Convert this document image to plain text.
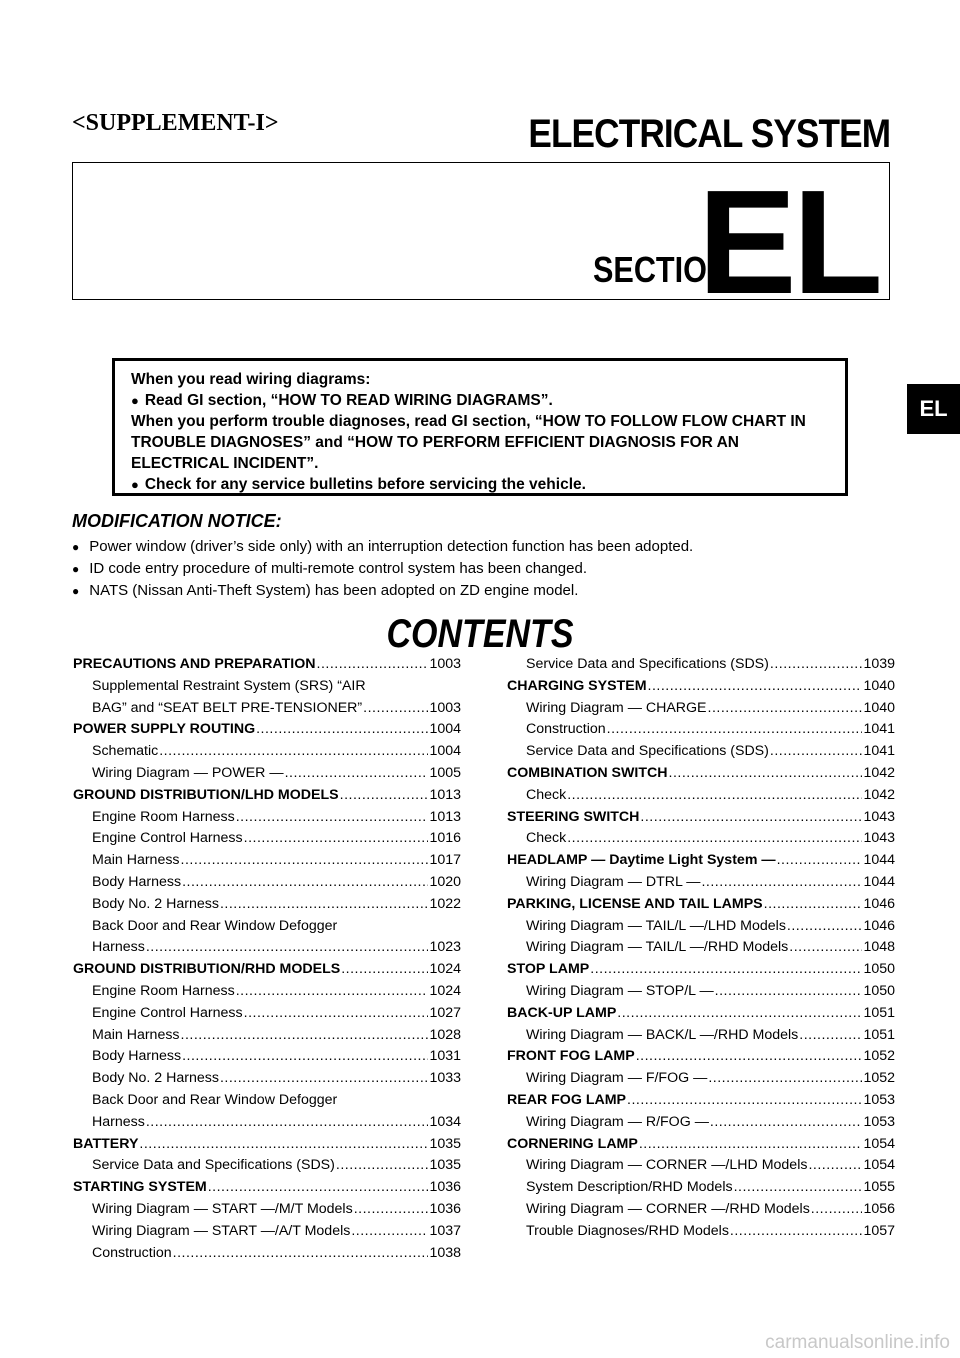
<SUPPLEMENT-I>	ELECTRICAL SYSTEM
SECTION
EL
When you read wiring diagrams:
● Read GI section, “HOW TO READ WIRING DIAGRAMS”.
When you perform trouble diagnoses, read GI section, “HOW TO FOLLOW FLOW CHART IN TROUBLE DIAGNOSES” and “HOW TO PERFORM EFFICIENT DIAGNOSIS FOR AN ELECTRICAL INCIDENT”.
● Check for any service bulletins before servicing the vehicle.
MODIFICATION NOTICE:
● Power window (driver’s side only) with an interruption detection function has been adopted.
● ID code entry procedure of multi-remote control system has been changed.
● NATS (Nissan Anti-Theft System) has been adopted on ZD engine model.
CONTENTS
PRECAUTIONS AND PREPARATION .....	1003
Supplemental Restraint System (SRS) “AIR
BAG” and “SEAT BELT PRE-TENSIONER” .....	1003
POWER SUPPLY ROUTING .....	1004
Schematic .....	1004
Wiring Diagram — POWER — .....	1005
GROUND DISTRIBUTION/LHD MODELS .....	1013
Engine Room Harness .....	1013
Engine Control Harness .....	1016
Main Harness .....	1017
Body Harness .....	1020
Body No. 2 Harness .....	1022
Back Door and Rear Window Defogger
Harness .....	1023
GROUND DISTRIBUTION/RHD MODELS .....	1024
Engine Room Harness .....	1024
Engine Control Harness .....	1027
Main Harness .....	1028
Body Harness .....	1031
Body No. 2 Harness .....	1033
Back Door and Rear Window Defogger
Harness .....	1034
BATTERY .....	1035
Service Data and Specifications (SDS) .....	1035
STARTING SYSTEM .....	1036
Wiring Diagram — START —/M/T Models .....	1036
Wiring Diagram — START —/A/T Models .....	1037
Construction .....	1038
Service Data and Specifications (SDS) .....	1039
CHARGING SYSTEM .....	1040
Wiring Diagram — CHARGE .....	1040
Construction .....	1041
Service Data and Specifications (SDS) .....	1041
COMBINATION SWITCH .....	1042
Check .....	1042
STEERING SWITCH .....	1043
Check .....	1043
HEADLAMP — Daytime Light System — .....	1044
Wiring Diagram — DTRL — .....	1044
PARKING, LICENSE AND TAIL LAMPS .....	1046
Wiring Diagram — TAIL/L —/LHD Models .....	1046
Wiring Diagram — TAIL/L —/RHD Models .....	1048
STOP LAMP .....	1050
Wiring Diagram — STOP/L — .....	1050
BACK-UP LAMP .....	1051
Wiring Diagram — BACK/L —/RHD Models .....	1051
FRONT FOG LAMP .....	1052
Wiring Diagram — F/FOG — .....	1052
REAR FOG LAMP .....	1053
Wiring Diagram — R/FOG — .....	1053
CORNERING LAMP .....	1054
Wiring Diagram — CORNER —/LHD Models .....	1054
System Description/RHD Models .....	1055
Wiring Diagram — CORNER —/RHD Models .....	1056
Trouble Diagnoses/RHD Models .....	1057
EL
carmanualsonline.info
